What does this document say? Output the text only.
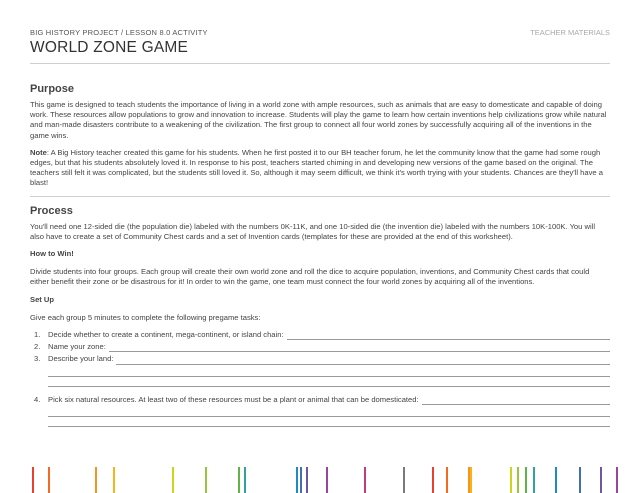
BIG HISTORY PROJECT / LESSON 8.0 ACTIVITY	TEACHER MATERIALS
WORLD ZONE GAME
Purpose

This game is designed to teach students the importance of living in a world zone with ample resources, such as animals that are easy to domesticate and capable of doing work. These resources allow populations to grow and innovation to increase. Students will play the game to learn how certain inventions help civilizations grow while natural and man-made disasters contribute to a weakening of the civilization. The first group to connect all four world zones by successfully acquiring all of the inventions in the game wins.

Note: A Big History teacher created this game for his students. When he first posted it to our BH teacher forum, he let the community know that the game had some rough edges, but that his students absolutely loved it. In response to his post, teachers started chiming in and developing new versions of the game based on the original. The teachers still felt it was complicated, but the students still loved it. So, although it may seem difficult, we think it's worth trying with your students. Chances are they'll have a blast!

Process

You'll need one 12-sided die (the population die) labeled with the numbers 0K-11K, and one 10-sided die (the invention die) labeled with the numbers 10K-100K. You will also have to create a set of Community Chest cards and a set of Invention cards (templates for these are provided at the end of this worksheet).

How to Win!

Divide students into four groups. Each group will create their own world zone and roll the dice to acquire population, inventions, and Community Chest cards that could either benefit their zone or be disastrous for it! In order to win the game, one team must connect the four world zones by acquiring all of the inventions.

Set Up

Give each group 5 minutes to complete the following pregame tasks:

1.	Decide whether to create a continent, mega-continent, or island chain:
2.	Name your zone:
3.	Describe your land:
4.	Pick six natural resources. At least two of these resources must be a plant or animal that can be domesticated:
